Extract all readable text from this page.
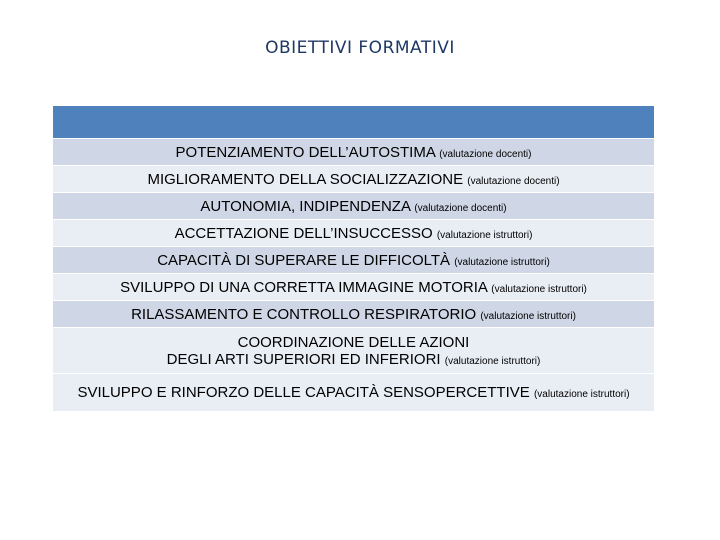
OBIETTIVI FORMATIVI
POTENZIAMENTO DELL’AUTOSTIMA (valutazione docenti)
MIGLIORAMENTO DELLA SOCIALIZZAZIONE (valutazione docenti)
AUTONOMIA, INDIPENDENZA (valutazione docenti)
ACCETTAZIONE DELL’INSUCCESSO (valutazione istruttori)
CAPACITÀ DI SUPERARE LE DIFFICOLTÀ (valutazione istruttori)
SVILUPPO DI UNA CORRETTA IMMAGINE MOTORIA (valutazione istruttori)
RILASSAMENTO E CONTROLLO RESPIRATORIO (valutazione istruttori)
COORDINAZIONE DELLE AZIONI
DEGLI ARTI SUPERIORI ED INFERIORI (valutazione istruttori)
SVILUPPO E RINFORZO DELLE CAPACITÀ SENSOPERCETTIVE (valutazione istruttori)
